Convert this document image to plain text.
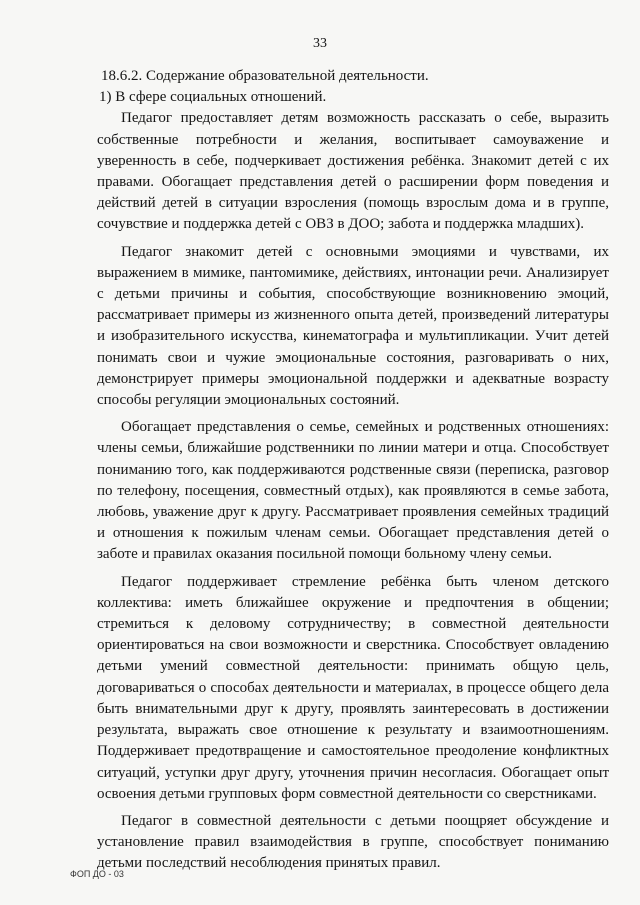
33

18.6.2. Содержание образовательной деятельности.

1) В сфере социальных отношений.

Педагог предоставляет детям возможность рассказать о себе, выразить собственные потребности и желания, воспитывает самоуважение и уверенность в себе, подчеркивает достижения ребёнка. Знакомит детей с их правами. Обогащает представления детей о расширении форм поведения и действий детей в ситуации взросления (помощь взрослым дома и в группе, сочувствие и поддержка детей с ОВЗ в ДОО; забота и поддержка младших).

Педагог знакомит детей с основными эмоциями и чувствами, их выражением в мимике, пантомимике, действиях, интонации речи. Анализирует с детьми причины и события, способствующие возникновению эмоций, рассматривает примеры из жизненного опыта детей, произведений литературы и изобразительного искусства, кинематографа и мультипликации. Учит детей понимать свои и чужие эмоциональные состояния, разговаривать о них, демонстрирует примеры эмоциональной поддержки и адекватные возрасту способы регуляции эмоциональных состояний.

Обогащает представления о семье, семейных и родственных отношениях: члены семьи, ближайшие родственники по линии матери и отца. Способствует пониманию того, как поддерживаются родственные связи (переписка, разговор по телефону, посещения, совместный отдых), как проявляются в семье забота, любовь, уважение друг к другу. Рассматривает проявления семейных традиций и отношения к пожилым членам семьи. Обогащает представления детей о заботе и правилах оказания посильной помощи больному члену семьи.

Педагог поддерживает стремление ребёнка быть членом детского коллектива: иметь ближайшее окружение и предпочтения в общении; стремиться к деловому сотрудничеству; в совместной деятельности ориентироваться на свои возможности и сверстника. Способствует овладению детьми умений совместной деятельности: принимать общую цель, договариваться о способах деятельности и материалах, в процессе общего дела быть внимательными друг к другу, проявлять заинтересовать в достижении результата, выражать свое отношение к результату и взаимоотношениям. Поддерживает предотвращение и самостоятельное преодоление конфликтных ситуаций, уступки друг другу, уточнения причин несогласия. Обогащает опыт освоения детьми групповых форм совместной деятельности со сверстниками.

Педагог в совместной деятельности с детьми поощряет обсуждение и установление правил взаимодействия в группе, способствует пониманию детьми последствий несоблюдения принятых правил.

ФОП ДО - 03
